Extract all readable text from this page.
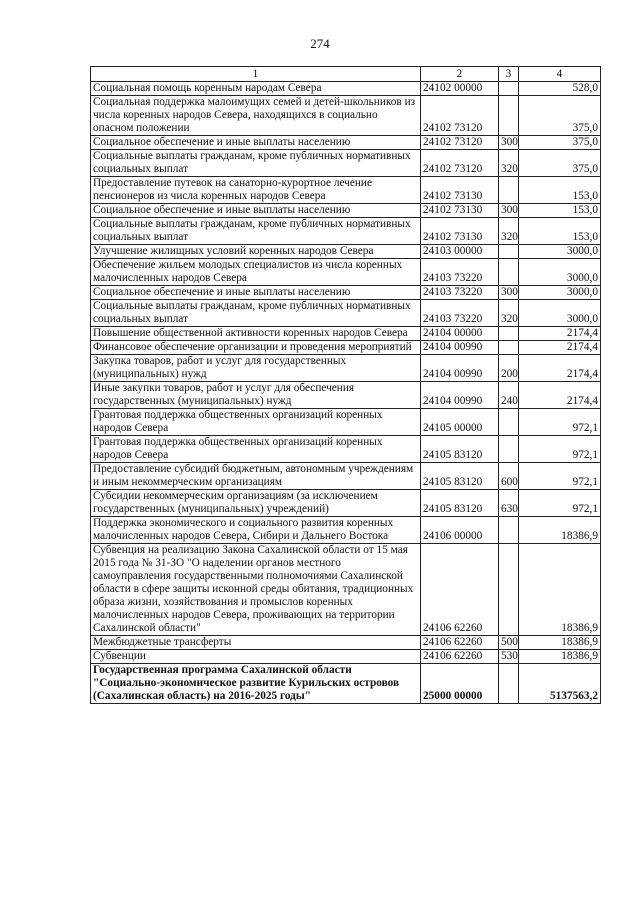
274
1	2	3	4
Социальная помощь коренным народам Севера	24102 00000		528,0
Социальная поддержка малоимущих семей и детей-школьников из числа коренных народов Севера, находящихся в социально опасном положении	24102 73120		375,0
Социальное обеспечение и иные выплаты населению	24102 73120	300	375,0
Социальные выплаты гражданам, кроме публичных нормативных социальных выплат	24102 73120	320	375,0
Предоставление путевок на санаторно-курортное лечение пенсионеров из числа коренных народов Севера	24102 73130		153,0
Социальное обеспечение и иные выплаты населению	24102 73130	300	153,0
Социальные выплаты гражданам, кроме публичных нормативных социальных выплат	24102 73130	320	153,0
Улучшение жилищных условий коренных народов Севера	24103 00000		3000,0
Обеспечение жильем молодых специалистов из числа коренных малочисленных народов Севера	24103 73220		3000,0
Социальное обеспечение и иные выплаты населению	24103 73220	300	3000,0
Социальные выплаты гражданам, кроме публичных нормативных социальных выплат	24103 73220	320	3000,0
Повышение общественной активности коренных народов Севера	24104 00000		2174,4
Финансовое обеспечение организации и проведения мероприятий	24104 00990		2174,4
Закупка товаров, работ и услуг для государственных (муниципальных) нужд	24104 00990	200	2174,4
Иные закупки товаров, работ и услуг для обеспечения государственных (муниципальных) нужд	24104 00990	240	2174,4
Грантовая поддержка общественных организаций коренных народов Севера	24105 00000		972,1
Грантовая поддержка общественных организаций коренных народов Севера	24105 83120		972,1
Предоставление субсидий бюджетным, автономным учреждениям и иным некоммерческим организациям	24105 83120	600	972,1
Субсидии некоммерческим организациям (за исключением государственных (муниципальных) учреждений)	24105 83120	630	972,1
Поддержка экономического и социального развития коренных малочисленных народов Севера, Сибири и Дальнего Востока	24106 00000		18386,9
Субвенция на реализацию Закона Сахалинской области от 15 мая 2015 года № 31-ЗО "О наделении органов местного самоуправления государственными полномочиями Сахалинской области в сфере защиты исконной среды обитания, традиционных образа жизни, хозяйствования и промыслов коренных малочисленных народов Севера, проживающих на территории Сахалинской области"	24106 62260		18386,9
Межбюджетные трансферты	24106 62260	500	18386,9
Субвенции	24106 62260	530	18386,9
Государственная программа Сахалинской области "Социально-экономическое развитие Курильских островов (Сахалинская область) на 2016-2025 годы"	25000 00000		5137563,2
